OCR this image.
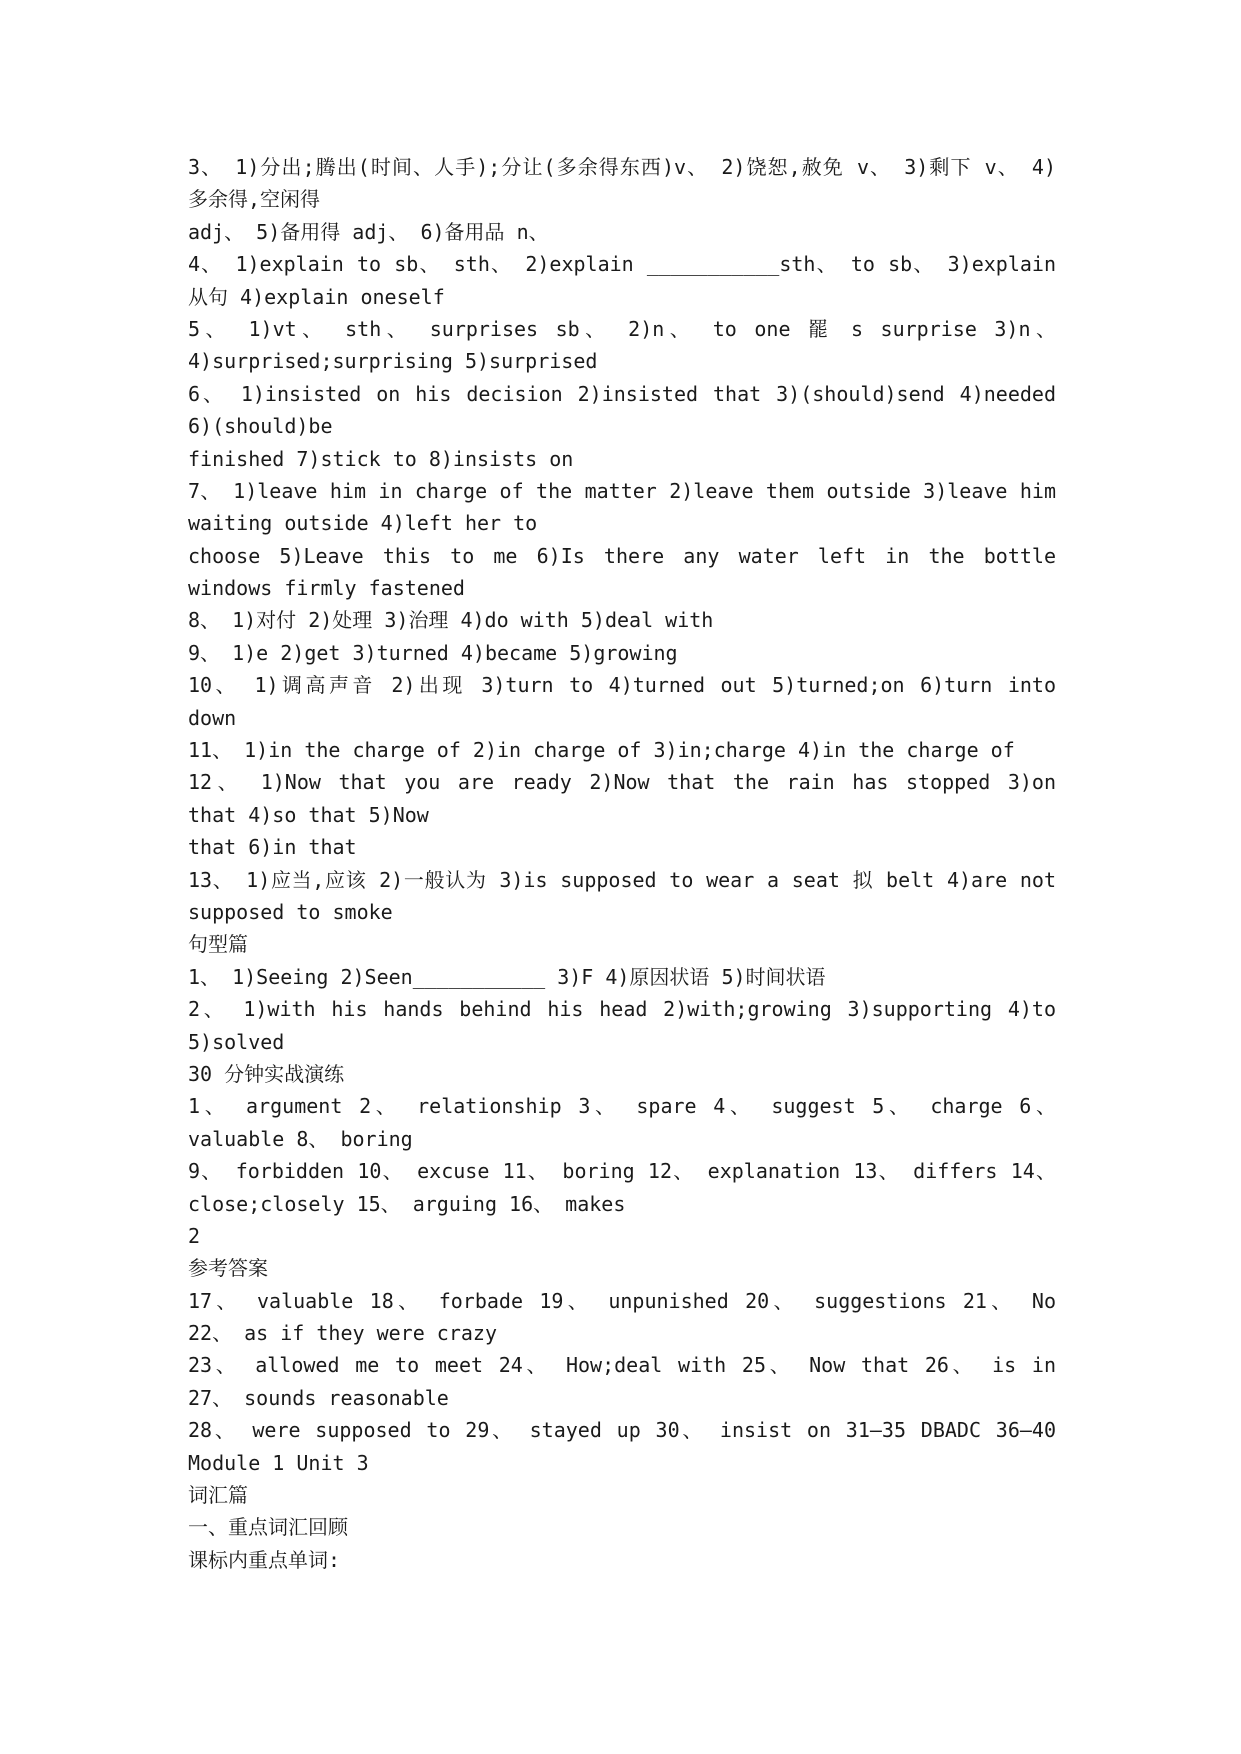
3、 1)分出;腾出(时间、人手);分让(多余得东西)v、 2)饶恕,赦免 v、 3)剩下 v、 4)
多余得,空闲得
adj、 5)备用得 adj、 6)备用品 n、
4、 1)explain to sb、 sth、 2)explain ___________sth、 to sb、 3)explain
从句 4)explain oneself
5、 1)vt、 sth、 surprises sb、 2)n、 to one 罷 s surprise 3)n、
4)surprised;surprising 5)surprised
6、 1)insisted on his decision 2)insisted that 3)(should)send 4)needed
6)(should)be
finished 7)stick to 8)insists on
7、 1)leave him in charge of the matter 2)leave them outside 3)leave him
waiting outside 4)left her to
choose 5)Leave this to me 6)Is there any water left in the bottle
windows firmly fastened
8、 1)对付 2)处理 3)治理 4)do with 5)deal with
9、 1)e 2)get 3)turned 4)became 5)growing
10、 1)调高声音 2)出现 3)turn to 4)turned out 5)turned;on 6)turn into
down
11、 1)in the charge of 2)in charge of 3)in;charge 4)in the charge of
12、 1)Now that you are ready 2)Now that the rain has stopped 3)on
that 4)so that 5)Now
that 6)in that
13、 1)应当,应该 2)一般认为 3)is supposed to wear a seat 拟 belt 4)are not
supposed to smoke
句型篇
1、 1)Seeing 2)Seen___________ 3)F 4)原因状语 5)时间状语
2、 1)with his hands behind his head 2)with;growing 3)supporting 4)to
5)solved
30 分钟实战演练
1、 argument 2、 relationship 3、 spare 4、 suggest 5、 charge 6、
valuable 8、 boring
9、 forbidden 10、 excuse 11、 boring 12、 explanation 13、 differs 14、
close;closely 15、 arguing 16、 makes
2
参考答案
17、 valuable 18、 forbade 19、 unpunished 20、 suggestions 21、 No
22、 as if they were crazy
23、 allowed me to meet 24、 How;deal with 25、 Now that 26、 is in
27、 sounds reasonable
28、 were supposed to 29、 stayed up 30、 insist on 31—35 DBADC 36—40
Module 1 Unit 3
词汇篇
一、重点词汇回顾
课标内重点单词:
